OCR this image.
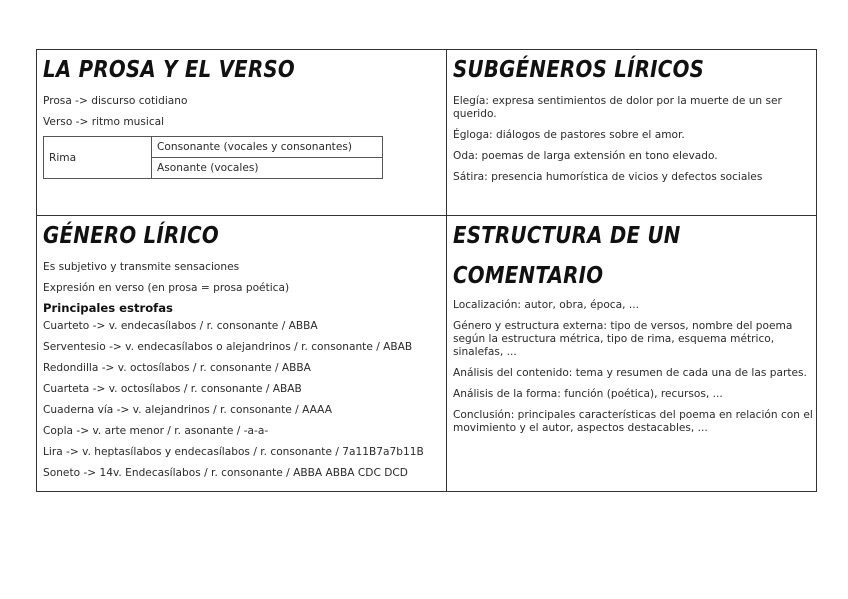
LA PROSA Y EL VERSO

Prosa -> discurso cotidiano

Verso -> ritmo musical

Rima	Consonante (vocales y consonantes)
Asonante (vocales)
SUBGÉNEROS LÍRICOS

Elegía: expresa sentimientos de dolor por la muerte de un ser querido.

Égloga: diálogos de pastores sobre el amor.

Oda: poemas de larga extensión en tono elevado.

Sátira: presencia humorística de vicios y defectos sociales

GÉNERO LÍRICO

Es subjetivo y transmite sensaciones

Expresión en verso (en prosa = prosa poética)

Principales estrofas

Cuarteto -> v. endecasílabos / r. consonante / ABBA

Serventesio -> v. endecasílabos o alejandrinos / r. consonante / ABAB

Redondilla -> v. octosílabos / r. consonante / ABBA

Cuarteta -> v. octosílabos / r. consonante / ABAB

Cuaderna vía -> v. alejandrinos / r. consonante / AAAA

Copla -> v. arte menor / r. asonante / -a-a-

Lira -> v. heptasílabos y endecasílabos / r. consonante / 7a11B7a7b11B

Soneto -> 14v. Endecasílabos / r. consonante / ABBA ABBA CDC DCD

ESTRUCTURA DE UN
COMENTARIO

Localización: autor, obra, época, ...

Género y estructura externa: tipo de versos, nombre del poema según la estructura métrica, tipo de rima, esquema métrico, sinalefas, ...

Análisis del contenido: tema y resumen de cada una de las partes.

Análisis de la forma: función (poética), recursos, ...

Conclusión: principales características del poema en relación con el movimiento y el autor, aspectos destacables, ...
